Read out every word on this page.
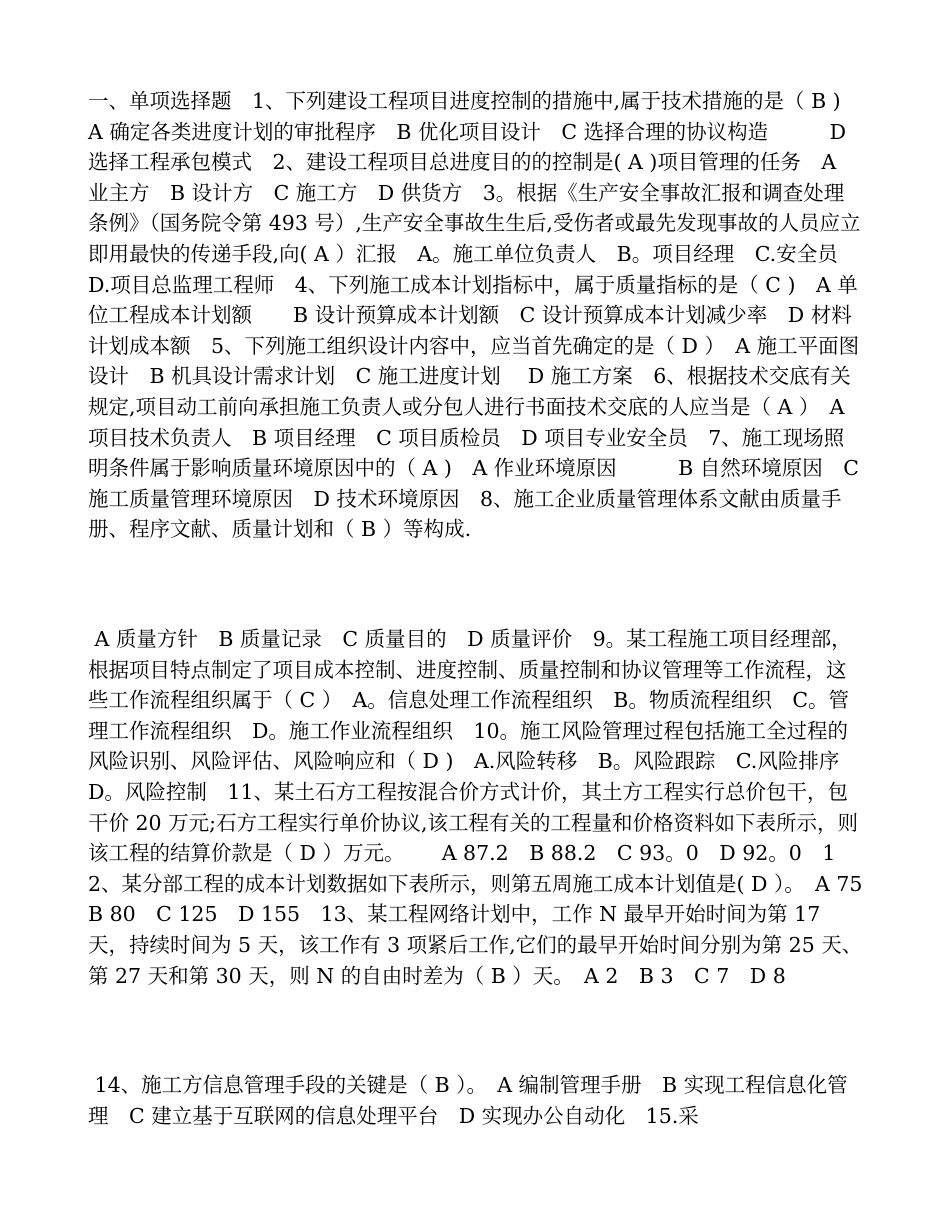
一、单项选择题　1、下列建设工程项目进度控制的措施中,属于技术措施的是（ B )　A 确定各类进度计划的审批程序　B 优化项目设计　C 选择合理的协议构造　　　D 选择工程承包模式　2、建设工程项目总进度目的的控制是( A )项目管理的任务　A 业主方　B 设计方　C 施工方　D 供货方　3。根据《生产安全事故汇报和调查处理条例》（国务院令第 493 号）,生产安全事故生生后,受伤者或最先发现事故的人员应立即用最快的传递手段,向( A ）汇报　A。施工单位负责人　B。项目经理　C.安全员　D.项目总监理工程师　4、下列施工成本计划指标中，属于质量指标的是（ C )　A 单位工程成本计划额　　B 设计预算成本计划额　C 设计预算成本计划减少率　D 材料计划成本额　5、下列施工组织设计内容中，应当首先确定的是（ D ）　A 施工平面图设计　B 机具设计需求计划　C 施工进度计划　 D 施工方案　6、根据技术交底有关规定,项目动工前向承担施工负责人或分包人进行书面技术交底的人应当是（ A ）　A 项目技术负责人　B 项目经理　C 项目质检员　D 项目专业安全员　7、施工现场照明条件属于影响质量环境原因中的（ A )　A 作业环境原因　　　B 自然环境原因　C 施工质量管理环境原因　D 技术环境原因　8、施工企业质量管理体系文献由质量手册、程序文献、质量计划和（ B ）等构成.

A 质量方针　B 质量记录　C 质量目的　D 质量评价　9。某工程施工项目经理部，根据项目特点制定了项目成本控制、进度控制、质量控制和协议管理等工作流程，这些工作流程组织属于（ C ）　A。信息处理工作流程组织　B。物质流程组织　C。管理工作流程组织　D。施工作业流程组织　10。施工风险管理过程包括施工全过程的风险识别、风险评估、风险响应和（ D )　A.风险转移　B。风险跟踪　C.风险排序　 D。风险控制　11、某土石方工程按混合价方式计价，其土方工程实行总价包干，包干价 20 万元;石方工程实行单价协议,该工程有关的工程量和价格资料如下表所示，则该工程的结算价款是（ D ）万元。　　 A 87.2　B 88.2　C 93。0　D 92。0　12、某分部工程的成本计划数据如下表所示，则第五周施工成本计划值是( D ）。　A 75　B 80　C 125　D 155　13、某工程网络计划中，工作 N 最早开始时间为第 17 天，持续时间为 5 天，该工作有 3 项紧后工作,它们的最早开始时间分别为第 25 天、第 27 天和第 30 天，则 N 的自由时差为（ B ）天。　A 2　B 3　C 7　D 8

14、施工方信息管理手段的关键是（ B ）。　A 编制管理手册　B 实现工程信息化管理　C 建立基于互联网的信息处理平台　D 实现办公自动化　15.采
